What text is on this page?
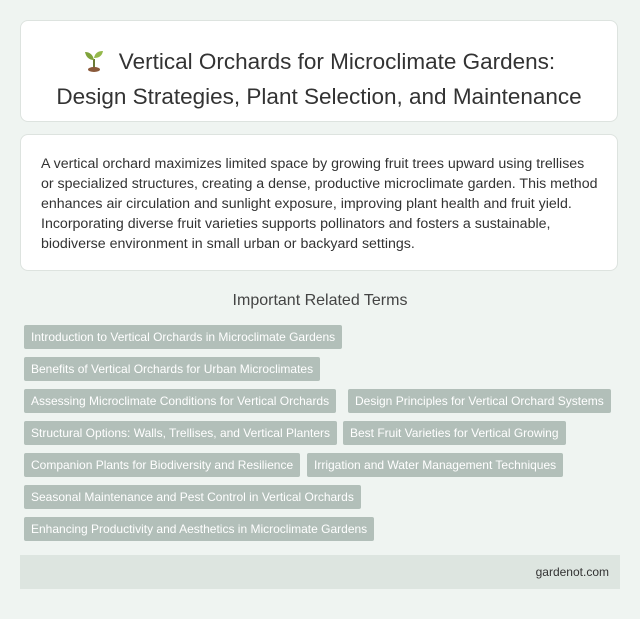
Vertical Orchards for Microclimate Gardens:
Design Strategies, Plant Selection, and Maintenance

A vertical orchard maximizes limited space by growing fruit trees upward using trellises or specialized structures, creating a dense, productive microclimate garden. This method enhances air circulation and sunlight exposure, improving plant health and fruit yield. Incorporating diverse fruit varieties supports pollinators and fosters a sustainable, biodiverse environment in small urban or backyard settings.

Important Related Terms
Introduction to Vertical Orchards in Microclimate Gardens
Benefits of Vertical Orchards for Urban Microclimates
Assessing Microclimate Conditions for Vertical Orchards	Design Principles for Vertical Orchard Systems
Structural Options: Walls, Trellises, and Vertical Planters	Best Fruit Varieties for Vertical Growing
Companion Plants for Biodiversity and Resilience	Irrigation and Water Management Techniques
Seasonal Maintenance and Pest Control in Vertical Orchards
Enhancing Productivity and Aesthetics in Microclimate Gardens
gardenot.com
